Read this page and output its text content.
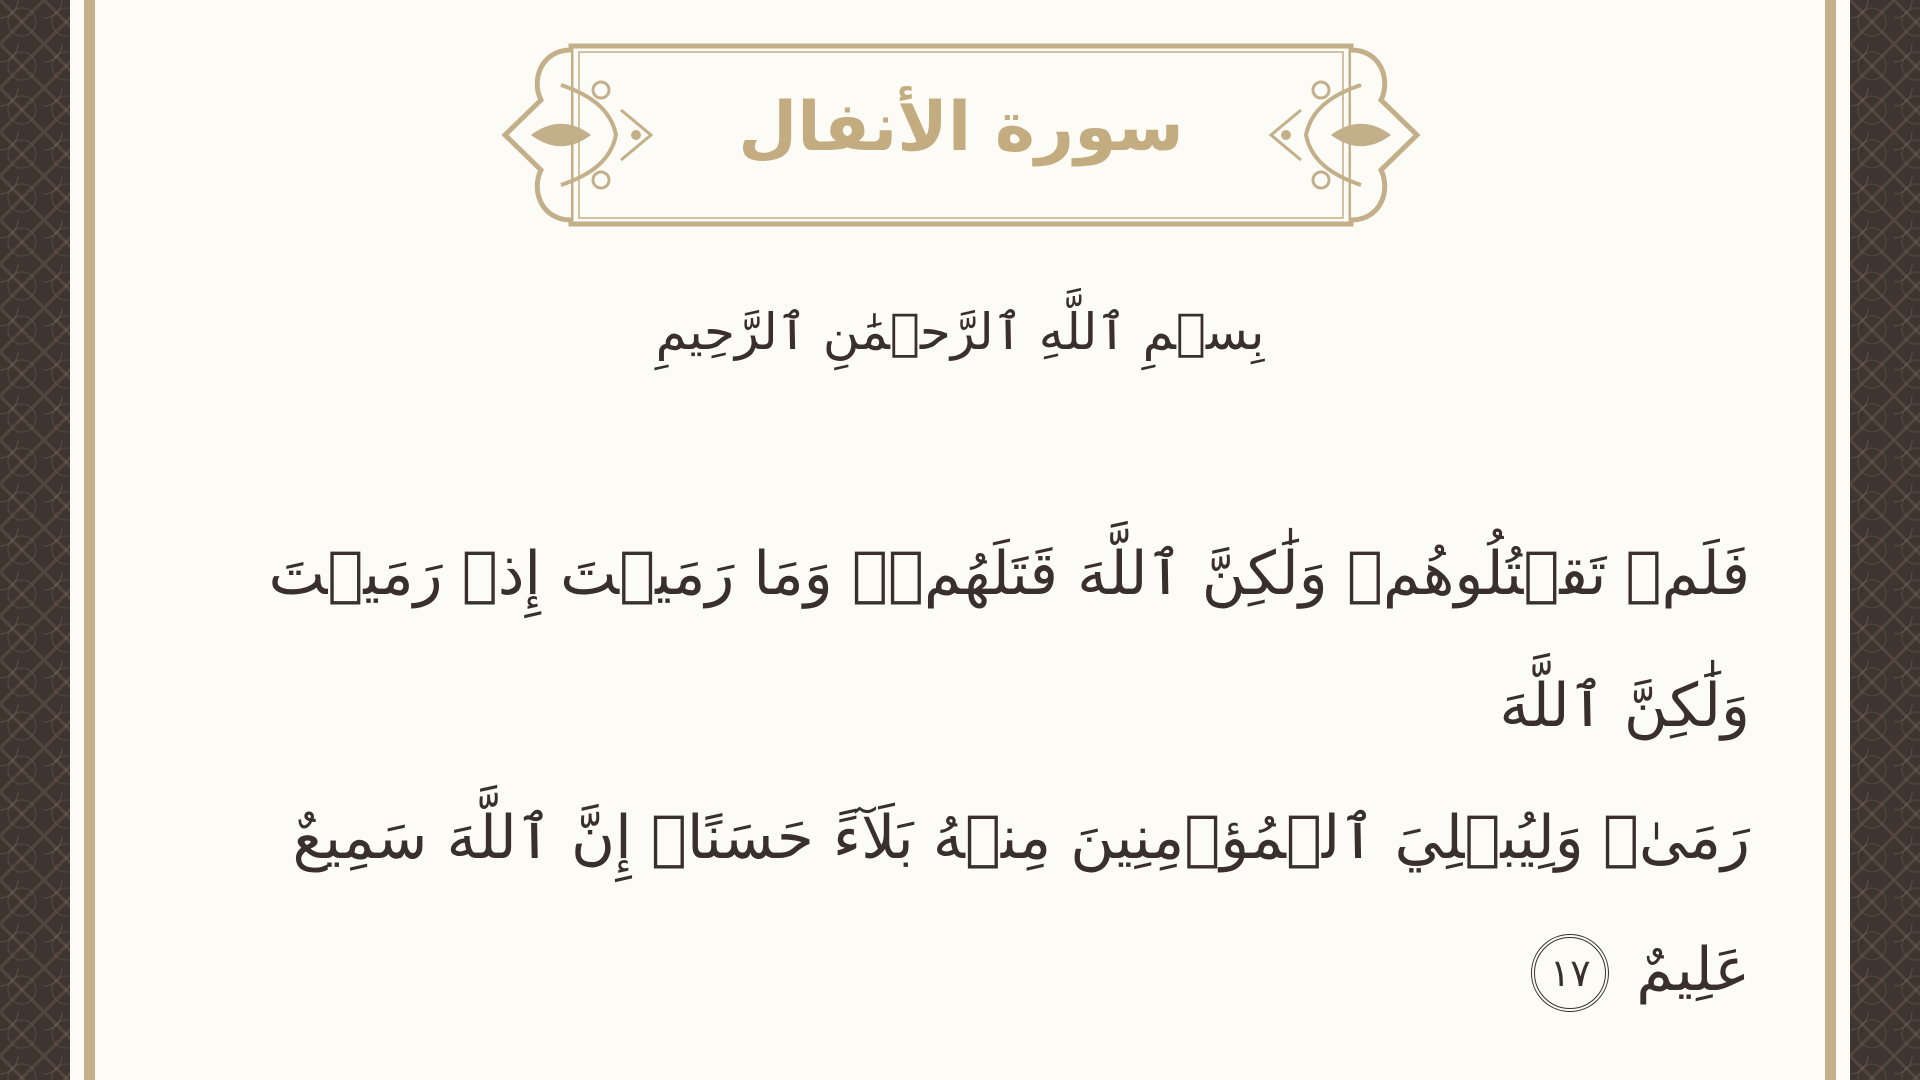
سورة الأنفال
بِسۡمِ ٱللَّهِ ٱلرَّحۡمَٰنِ ٱلرَّحِيمِ
فَلَمۡ تَقۡتُلُوهُمۡ وَلَٰكِنَّ ٱللَّهَ قَتَلَهُمۡۚ وَمَا رَمَيۡتَ إِذۡ رَمَيۡتَ وَلَٰكِنَّ ٱللَّهَ
رَمَىٰۚ وَلِيُبۡلِيَ ٱلۡمُؤۡمِنِينَ مِنۡهُ بَلَآءً حَسَنًاۚ إِنَّ ٱللَّهَ سَمِيعٌ عَلِيمٌ ١٧
